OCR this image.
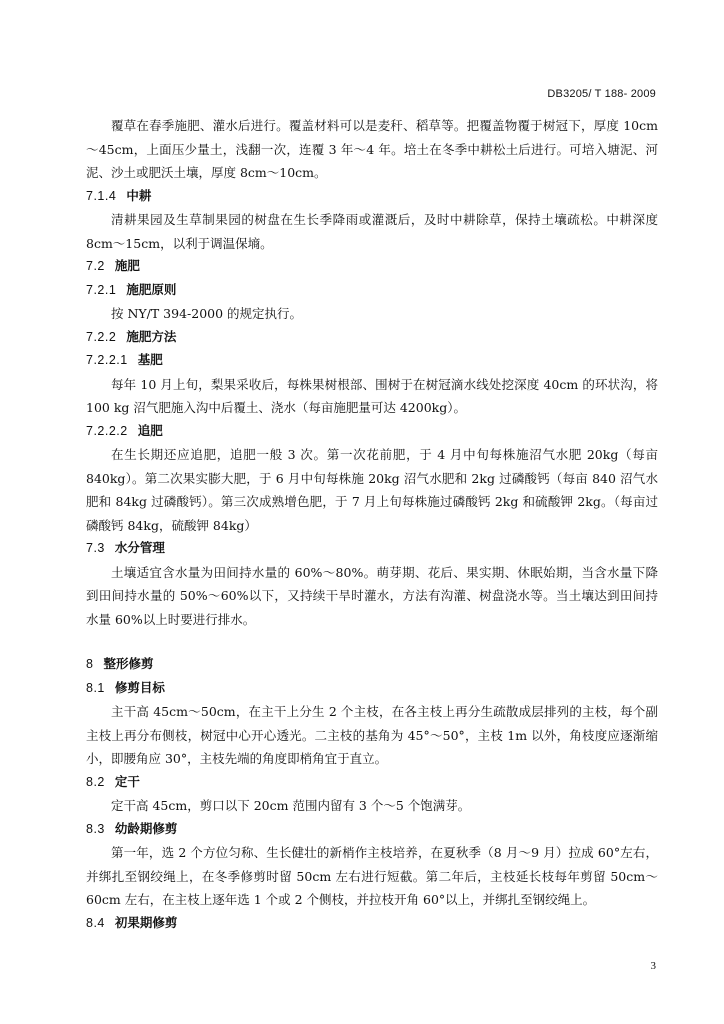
DB3205/ T 188- 2009

覆草在春季施肥、灌水后进行。覆盖材料可以是麦秆、稻草等。把覆盖物覆于树冠下，厚度 10cm～45cm，上面压少量土，浅翻一次，连覆 3 年～4 年。培土在冬季中耕松土后进行。可培入塘泥、河泥、沙土或肥沃土壤，厚度 8cm～10cm。

7.1.4 中耕

清耕果园及生草制果园的树盘在生长季降雨或灌溉后，及时中耕除草，保持土壤疏松。中耕深度8cm～15cm，以利于调温保墒。

7.2 施肥
7.2.1 施肥原则

按 NY/T 394-2000 的规定执行。

7.2.2 施肥方法
7.2.2.1 基肥

每年 10 月上旬，梨果采收后，每株果树根部、围树于在树冠滴水线处挖深度 40cm 的环状沟，将 100 kg 沼气肥施入沟中后覆土、浇水（每亩施肥量可达 4200kg）。

7.2.2.2 追肥

在生长期还应追肥，追肥一般 3 次。第一次花前肥，于 4 月中旬每株施沼气水肥 20kg（每亩 840kg）。第二次果实膨大肥，于 6 月中旬每株施 20kg 沼气水肥和 2kg 过磷酸钙（每亩 840 沼气水肥和 84kg 过磷酸钙）。第三次成熟增色肥，于 7 月上旬每株施过磷酸钙 2kg 和硫酸钾 2kg。（每亩过磷酸钙 84kg，硫酸钾 84kg）

7.3 水分管理

土壤适宜含水量为田间持水量的 60%～80%。萌芽期、花后、果实期、休眠始期，当含水量下降到田间持水量的 50%～60%以下，又持续干旱时灌水，方法有沟灌、树盘浇水等。当土壤达到田间持水量 60%以上时要进行排水。

8 整形修剪
8.1 修剪目标

主干高 45cm～50cm，在主干上分生 2 个主枝，在各主枝上再分生疏散成层排列的主枝，每个副主枝上再分布侧枝，树冠中心开心透光。二主枝的基角为 45°～50°，主枝 1m 以外，角枝度应逐渐缩小，即腰角应 30°，主枝先端的角度即梢角宜于直立。

8.2 定干

定干高 45cm，剪口以下 20cm 范围内留有 3 个～5 个饱满芽。

8.3 幼龄期修剪

第一年，选 2 个方位匀称、生长健壮的新梢作主枝培养，在夏秋季（8 月～9 月）拉成 60°左右，并绑扎至钢绞绳上，在冬季修剪时留 50cm 左右进行短截。第二年后，主枝延长枝每年剪留 50cm～60cm 左右，在主枝上逐年选 1 个或 2 个侧枝，并拉枝开角 60°以上，并绑扎至钢绞绳上。

8.4 初果期修剪
3
